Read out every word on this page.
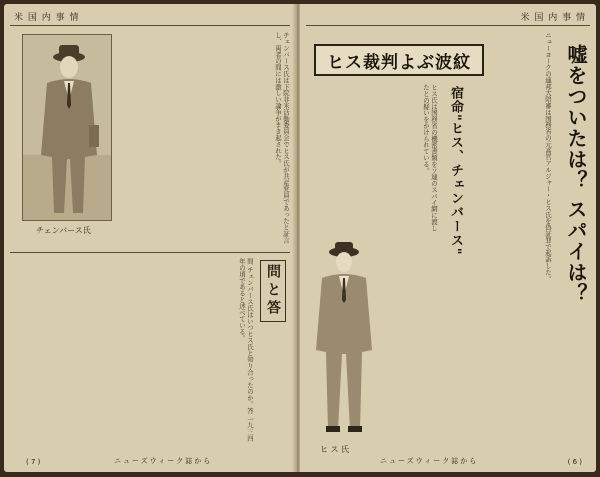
米 国 内 事 情
チェンバース氏	チェンバース氏は下院非米活動委員会でヒス氏が共産党員であったと証言し、両者の間には激しい論争がまき起された。
問と答
問 チェンバース氏はいつヒス氏と知り合ったのか。答 一九三四年の頃であると述べている。
ニューズウィーク誌から
( 7 )
米 国 内 事 情
ヒス裁判よぶ波紋	嘘をついたは？ スパイは？
宿命"ヒス、チェンバース"	ニューヨークの連邦大陪審は国務省の元高官アルジャー・ヒス氏を偽証罪で起訴した。
ヒス氏は国務省の機密書類をソ連のスパイ網に渡したとの疑いをかけられている。
ヒ ス 氏
ニューズウィーク誌から	( 6 )
